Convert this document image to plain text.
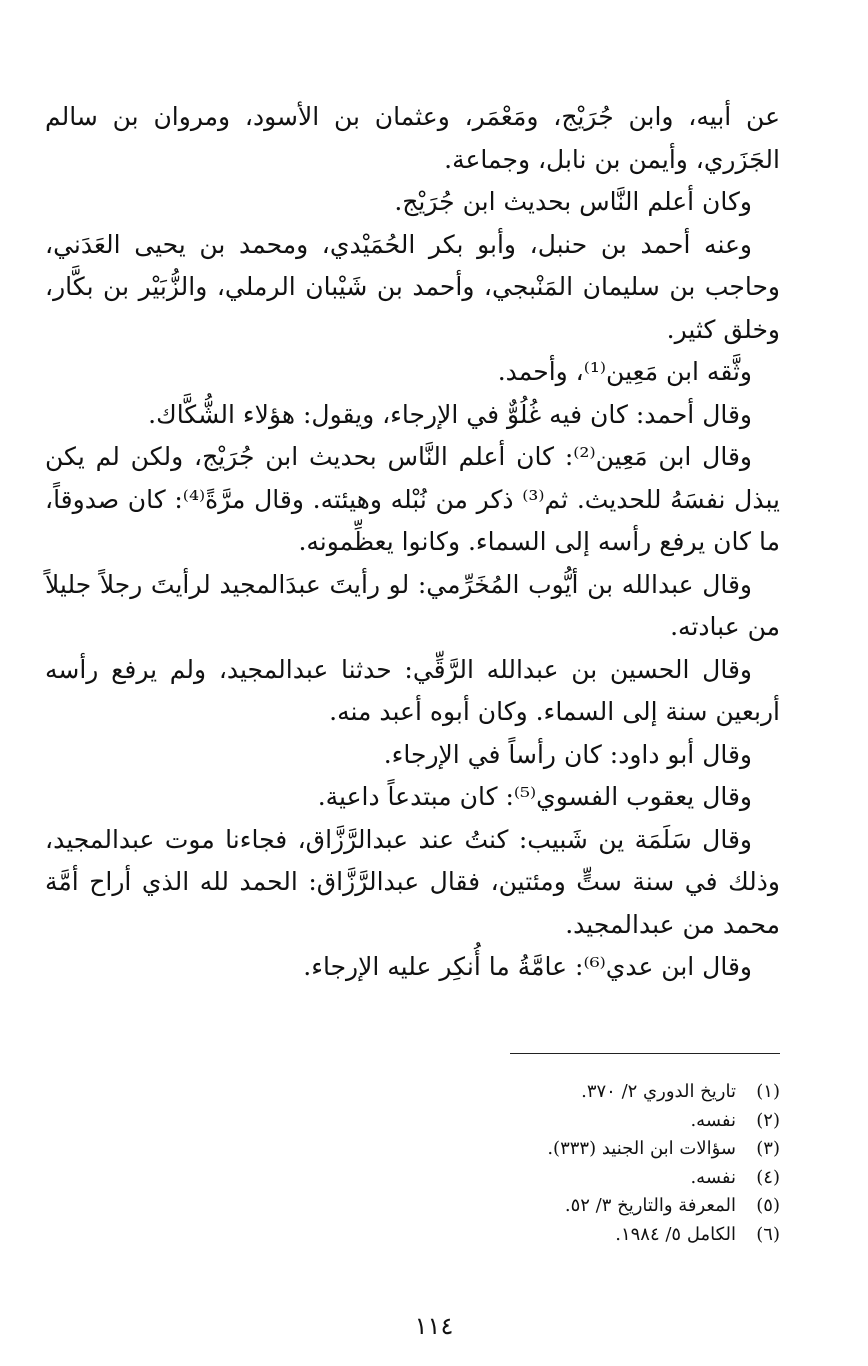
عن أبيه، وابن جُرَيْج، ومَعْمَر، وعثمان بن الأسود، ومروان بن سالم الجَزَري، وأيمن بن نابل، وجماعة.

وكان أعلم النَّاس بحديث ابن جُرَيْج.

وعنه أحمد بن حنبل، وأبو بكر الحُمَيْدي، ومحمد بن يحيى العَدَني، وحاجب بن سليمان المَنْبجي، وأحمد بن شَيْبان الرملي، والزُّبَيْر بن بكَّار، وخلق كثير.

وثَّقه ابن مَعِين⁽¹⁾، وأحمد.

وقال أحمد: كان فيه غُلُوٌّ في الإرجاء، ويقول: هؤلاء الشُّكَّاك.

وقال ابن مَعِين⁽²⁾: كان أعلم النَّاس بحديث ابن جُرَيْج، ولكن لم يكن يبذل نفسَهُ للحديث. ثم⁽³⁾ ذكر من نُبْله وهيئته. وقال مرَّةً⁽⁴⁾: كان صدوقاً، ما كان يرفع رأسه إلى السماء. وكانوا يعظِّمونه.

وقال عبدالله بن أيُّوب المُخَرِّمي: لو رأيتَ عبدَالمجيد لرأيتَ رجلاً جليلاً من عبادته.

وقال الحسين بن عبدالله الرَّقِّي: حدثنا عبدالمجيد، ولم يرفع رأسه أربعين سنة إلى السماء. وكان أبوه أعبد منه.

وقال أبو داود: كان رأساً في الإرجاء.

وقال يعقوب الفسوي⁽⁵⁾: كان مبتدعاً داعية.

وقال سَلَمَة ين شَبيب: كنتُ عند عبدالرَّزَّاق، فجاءنا موت عبدالمجيد، وذلك في سنة ستٍّ ومئتين، فقال عبدالرَّزَّاق: الحمد لله الذي أراح أمَّة محمد من عبدالمجيد.

وقال ابن عدي⁽⁶⁾: عامَّةُ ما أُنكِر عليه الإرجاء.

(١)
تاريخ الدوري ٢/ ٣٧٠.
(٢)
نفسه.
(٣)
سؤالات ابن الجنيد (٣٣٣).
(٤)
نفسه.
(٥)
المعرفة والتاريخ ٣/ ٥٢.
(٦)
الكامل ٥/ ١٩٨٤.
١١٤
